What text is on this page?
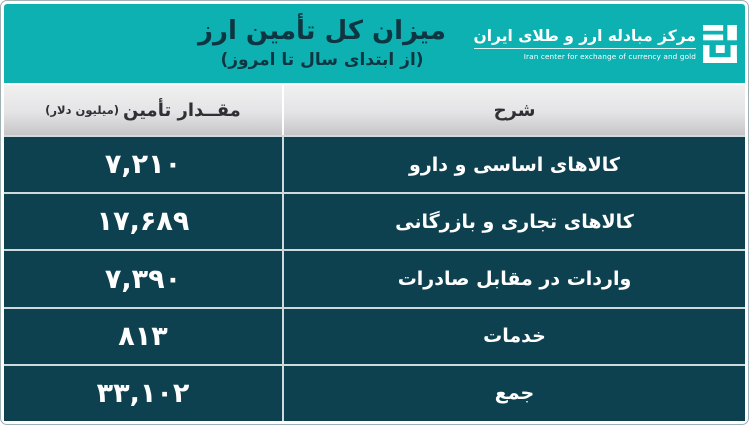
میزان کل تأمین ارز
(از ابتدای سال تا امروز)
مرکز مبادله ارز و طلای ایران
Iran center for exchange of currency and gold
شرح
مقــدار تأمین
(میلیون دلار)
کالاهای اساسی و دارو
۷,۲۱۰
کالاهای تجاری و بازرگانی
۱۷,۶۸۹
واردات در مقابل صادرات
۷,۳۹۰
خدمات
۸۱۳
جمع
۳۳,۱۰۲
